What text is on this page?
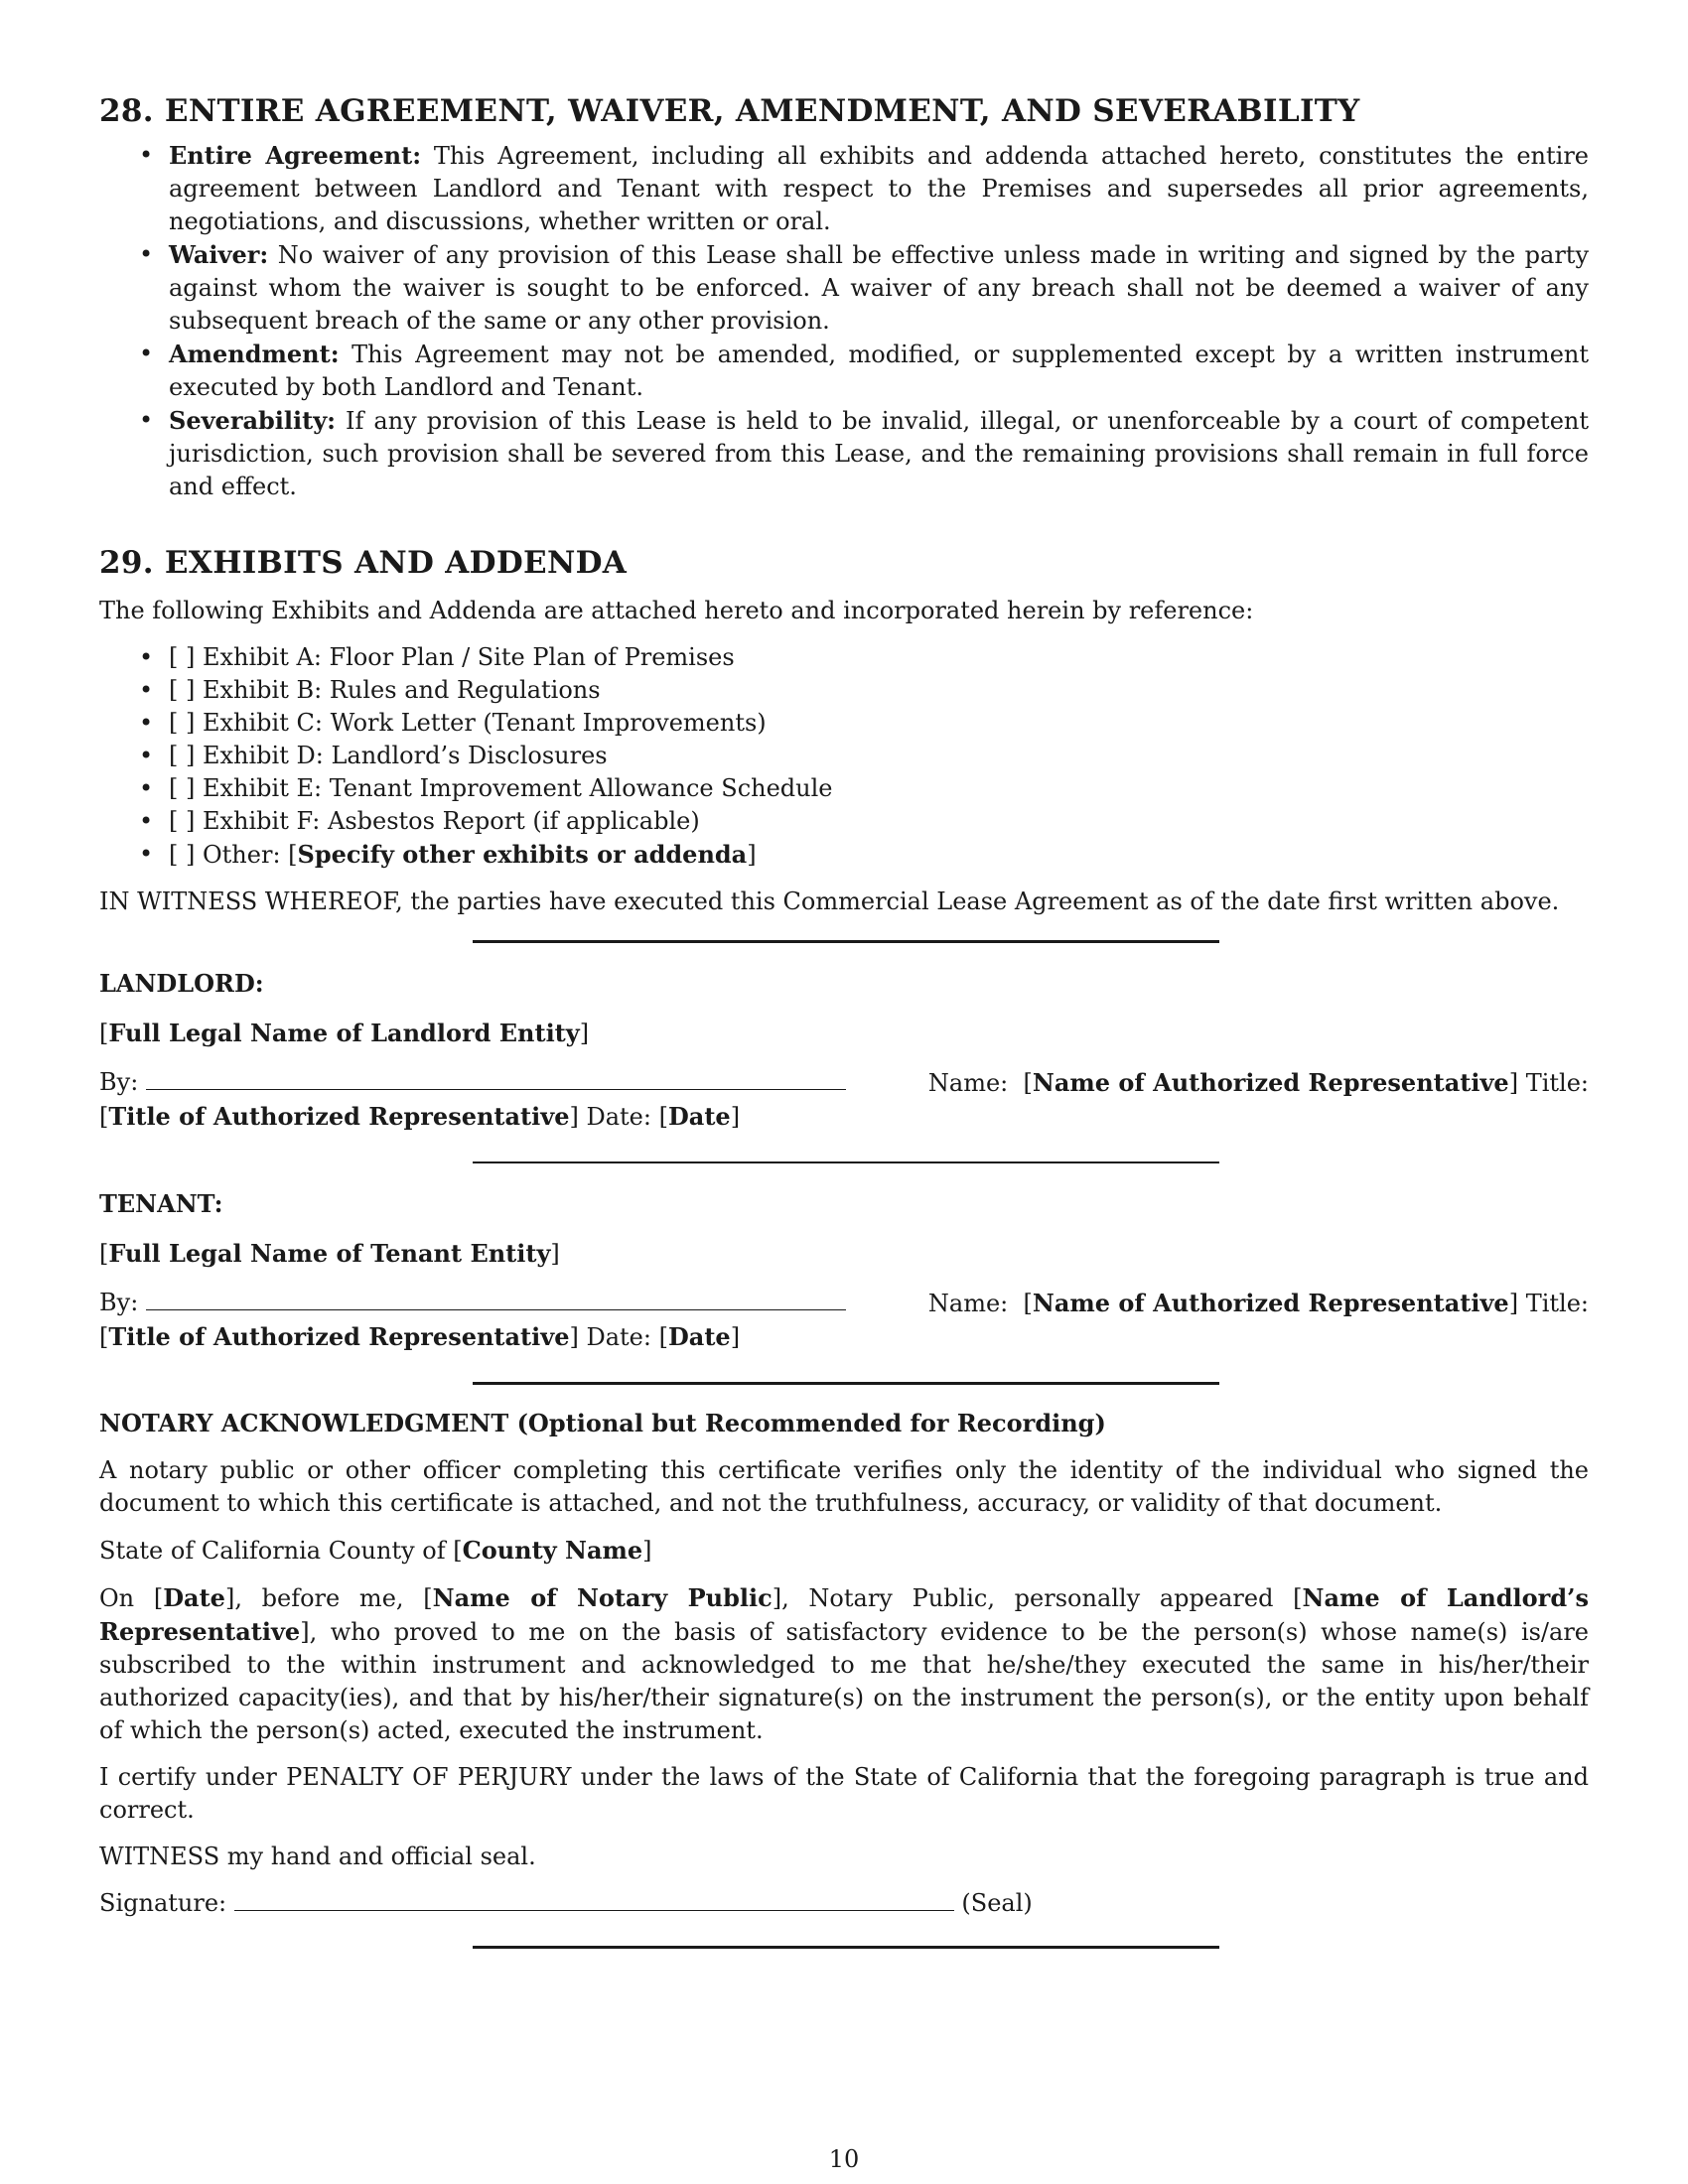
28. ENTIRE AGREEMENT, WAIVER, AMENDMENT, AND SEVERABILITY
• Entire Agreement: This Agreement, including all exhibits and addenda attached hereto, constitutes the entire agreement between Landlord and Tenant with respect to the Premises and supersedes all prior agreements, negotiations, and discussions, whether written or oral.
• Waiver: No waiver of any provision of this Lease shall be effective unless made in writing and signed by the party against whom the waiver is sought to be enforced. A waiver of any breach shall not be deemed a waiver of any subsequent breach of the same or any other provision.
• Amendment: This Agreement may not be amended, modified, or supplemented except by a written instrument executed by both Landlord and Tenant.
• Severability: If any provision of this Lease is held to be invalid, illegal, or unenforceable by a court of competent jurisdiction, such provision shall be severed from this Lease, and the remaining provisions shall remain in full force and effect.
29. EXHIBITS AND ADDENDA

The following Exhibits and Addenda are attached hereto and incorporated herein by reference:

• [ ] Exhibit A: Floor Plan / Site Plan of Premises
• [ ] Exhibit B: Rules and Regulations
• [ ] Exhibit C: Work Letter (Tenant Improvements)
• [ ] Exhibit D: Landlord’s Disclosures
• [ ] Exhibit E: Tenant Improvement Allowance Schedule
• [ ] Exhibit F: Asbestos Report (if applicable)
• [ ] Other: [Specify other exhibits or addenda]

IN WITNESS WHEREOF, the parties have executed this Commercial Lease Agreement as of the date first written above.

LANDLORD:

[Full Legal Name of Landlord Entity]

By:	Name:  [Name of Authorized Representative] Title:
[Title of Authorized Representative] Date: [Date]

TENANT:

[Full Legal Name of Tenant Entity]

By:	Name:  [Name of Authorized Representative] Title:
[Title of Authorized Representative] Date: [Date]

NOTARY ACKNOWLEDGMENT (Optional but Recommended for Recording)

A notary public or other officer completing this certificate verifies only the identity of the individual who signed the document to which this certificate is attached, and not the truthfulness, accuracy, or validity of that document.

State of California County of [County Name]

On [Date], before me, [Name of Notary Public], Notary Public, personally appeared [Name of Landlord’s Representative], who proved to me on the basis of satisfactory evidence to be the person(s) whose name(s) is/are subscribed to the within instrument and acknowledged to me that he/she/they executed the same in his/her/their authorized capacity(ies), and that by his/her/their signature(s) on the instrument the person(s), or the entity upon behalf of which the person(s) acted, executed the instrument.

I certify under PENALTY OF PERJURY under the laws of the State of California that the foregoing paragraph is true and correct.

WITNESS my hand and official seal.

Signature:	(Seal)

10
